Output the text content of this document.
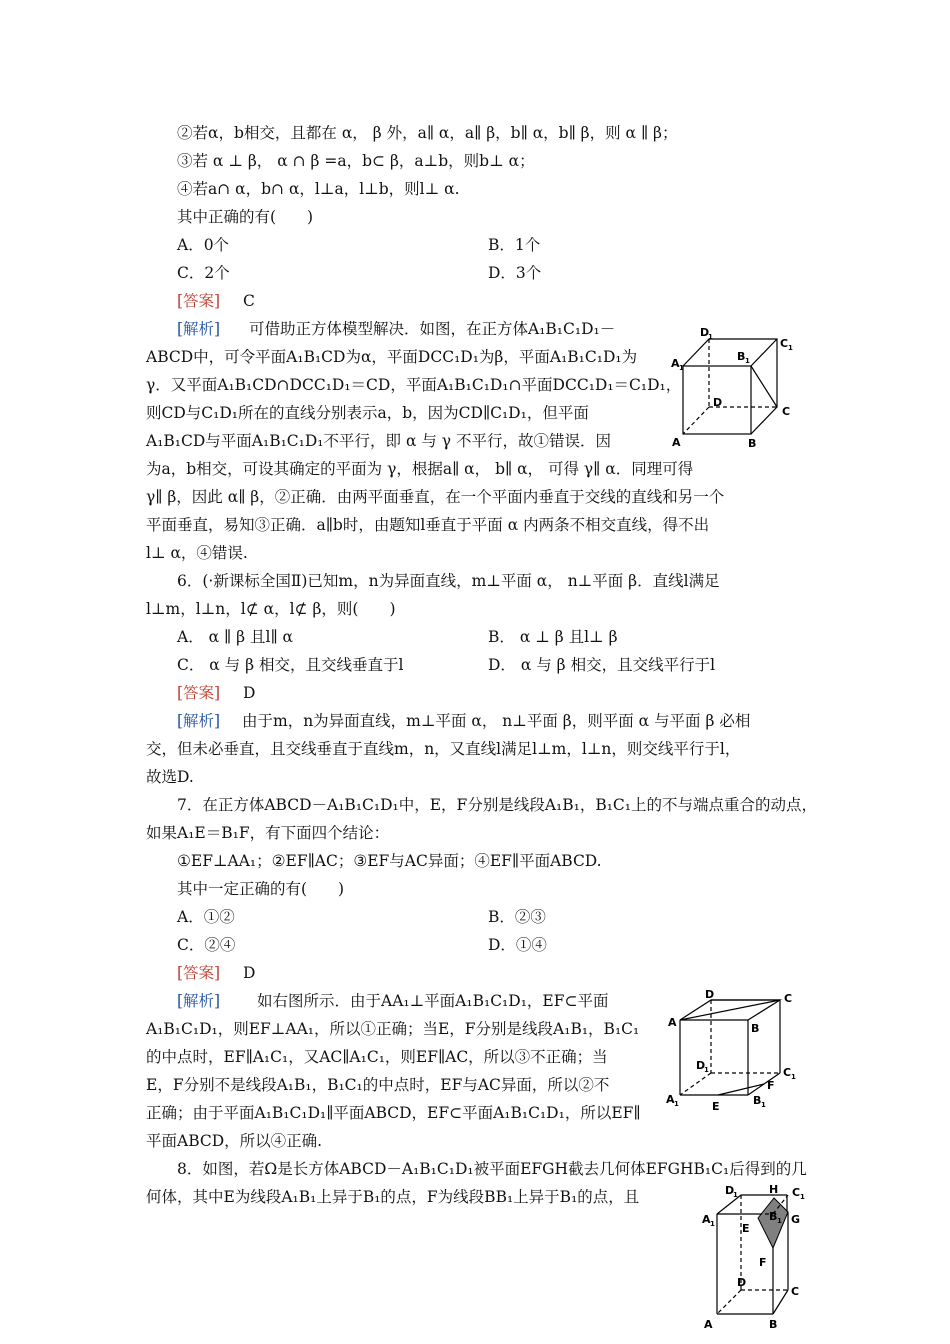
②若α，b相交，且都在 α， β 外，a∥ α，a∥ β，b∥ α，b∥ β，则 α ∥ β；
③若 α ⊥ β， α ∩ β =a，b⊂ β，a⊥b，则b⊥ α；
④若a∩ α，b∩ α，l⊥a，l⊥b，则l⊥ α.
其中正确的有(　　)
A．0个	B．1个
C．2个	D．3个
[答案] C
[解析] 可借助正方体模型解决．如图，在正方体A₁B₁C₁D₁－
ABCD中，可令平面A₁B₁CD为α，平面DCC₁D₁为β，平面A₁B₁C₁D₁为
γ．又平面A₁B₁CD∩DCC₁D₁＝CD，平面A₁B₁C₁D₁∩平面DCC₁D₁＝C₁D₁，
则CD与C₁D₁所在的直线分别表示a，b，因为CD∥C₁D₁，但平面
A₁B₁CD与平面A₁B₁C₁D₁不平行，即 α 与 γ 不平行，故①错误．因
为a，b相交，可设其确定的平面为 γ，根据a∥ α， b∥ α， 可得 γ∥ α．同理可得
γ∥ β，因此 α∥ β，②正确．由两平面垂直，在一个平面内垂直于交线的直线和另一个
平面垂直，易知③正确．a∥b时，由题知l垂直于平面 α 内两条不相交直线，得不出
l⊥ α，④错误.
D
1	C 1
A 1
B 1
D
C
A	B
6．(·新课标全国Ⅱ)已知m，n为异面直线，m⊥平面 α， n⊥平面 β．直线l满足
l⊥m，l⊥n，l⊄ α，l⊄ β，则(　　)
A． α ∥ β 且l∥ α	B． α ⊥ β 且l⊥ β
C． α 与 β 相交，且交线垂直于l	D． α 与 β 相交，且交线平行于l
[答案] D
[解析] 由于m，n为异面直线，m⊥平面 α， n⊥平面 β，则平面 α 与平面 β 必相
交，但未必垂直，且交线垂直于直线m，n，又直线l满足l⊥m，l⊥n，则交线平行于l，
故选D.
7．在正方体ABCD－A₁B₁C₁D₁中，E，F分别是线段A₁B₁，B₁C₁上的不与端点重合的动点，
如果A₁E＝B₁F，有下面四个结论：
①EF⊥AA₁；②EF∥AC；③EF与AC异面；④EF∥平面ABCD.
其中一定正确的有(　　)
A．①②	B．②③
C．②④	D．①④
[答案] D
[解析] 如右图所示．由于AA₁⊥平面A₁B₁C₁D₁，EF⊂平面
A₁B₁C₁D₁，则EF⊥AA₁，所以①正确；当E，F分别是线段A₁B₁，B₁C₁
的中点时，EF∥A₁C₁，又AC∥A₁C₁，则EF∥AC，所以③不正确；当
E，F分别不是线段A₁B₁，B₁C₁的中点时，EF与AC异面，所以②不
正确；由于平面A₁B₁C₁D₁∥平面ABCD，EF⊂平面A₁B₁C₁D₁，所以EF∥
平面ABCD，所以④正确.
D	C
A	B
D
1	C 1
A 1	B 1
F
E
8．如图，若Ω是长方体ABCD－A₁B₁C₁D₁被平面EFGH截去几何体EFGHB₁C₁后得到的几
何体，其中E为线段A₁B₁上异于B₁的点，F为线段BB₁上异于B₁的点，且	D
1	H C 1
A 1 E
B 1 G
F
D
C
A	B
